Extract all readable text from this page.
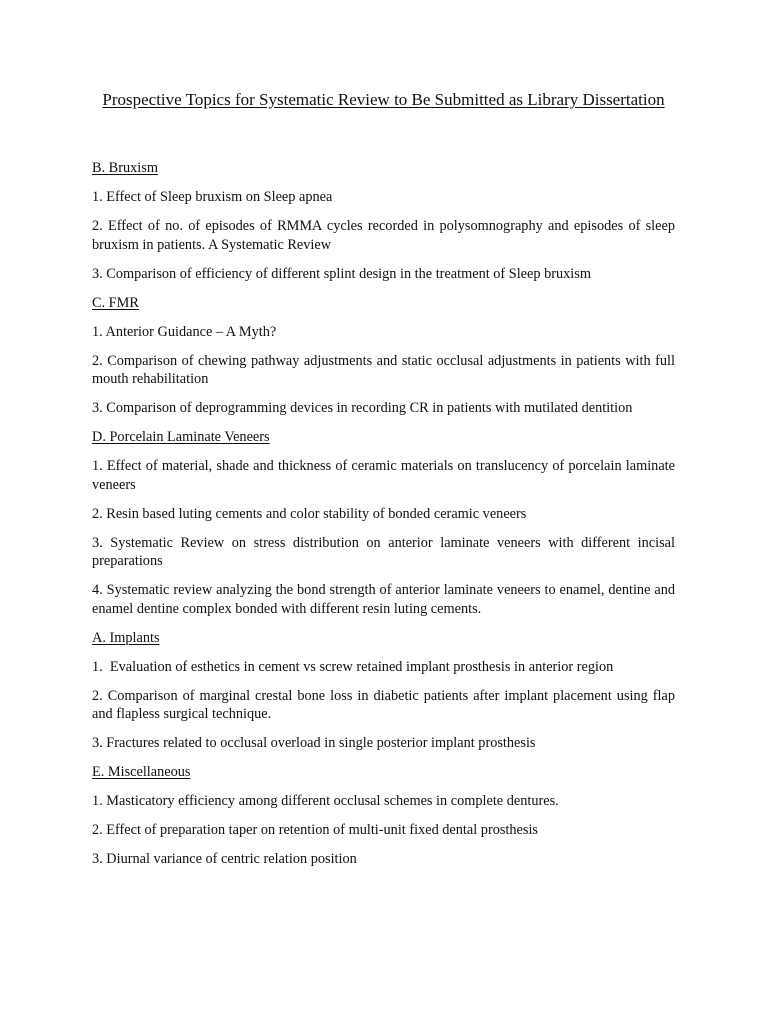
Prospective Topics for Systematic Review to Be Submitted as Library Dissertation
B. Bruxism
1. Effect of Sleep bruxism on Sleep apnea
2. Effect of no. of episodes of RMMA cycles recorded in polysomnography and episodes of sleep bruxism in patients. A Systematic Review
3. Comparison of efficiency of different splint design in the treatment of Sleep bruxism
C. FMR
1. Anterior Guidance – A Myth?
2. Comparison of chewing pathway adjustments and static occlusal adjustments in patients with full mouth rehabilitation
3. Comparison of deprogramming devices in recording CR in patients with mutilated dentition
D. Porcelain Laminate Veneers
1. Effect of material, shade and thickness of ceramic materials on translucency of porcelain laminate veneers
2. Resin based luting cements and color stability of bonded ceramic veneers
3. Systematic Review on stress distribution on anterior laminate veneers with different incisal preparations
4. Systematic review analyzing the bond strength of anterior laminate veneers to enamel, dentine and enamel dentine complex bonded with different resin luting cements.
A. Implants
1.  Evaluation of esthetics in cement vs screw retained implant prosthesis in anterior region
2. Comparison of marginal crestal bone loss in diabetic patients after implant placement using flap and flapless surgical technique.
3. Fractures related to occlusal overload in single posterior implant prosthesis
E. Miscellaneous
1. Masticatory efficiency among different occlusal schemes in complete dentures.
2. Effect of preparation taper on retention of multi-unit fixed dental prosthesis
3. Diurnal variance of centric relation position
